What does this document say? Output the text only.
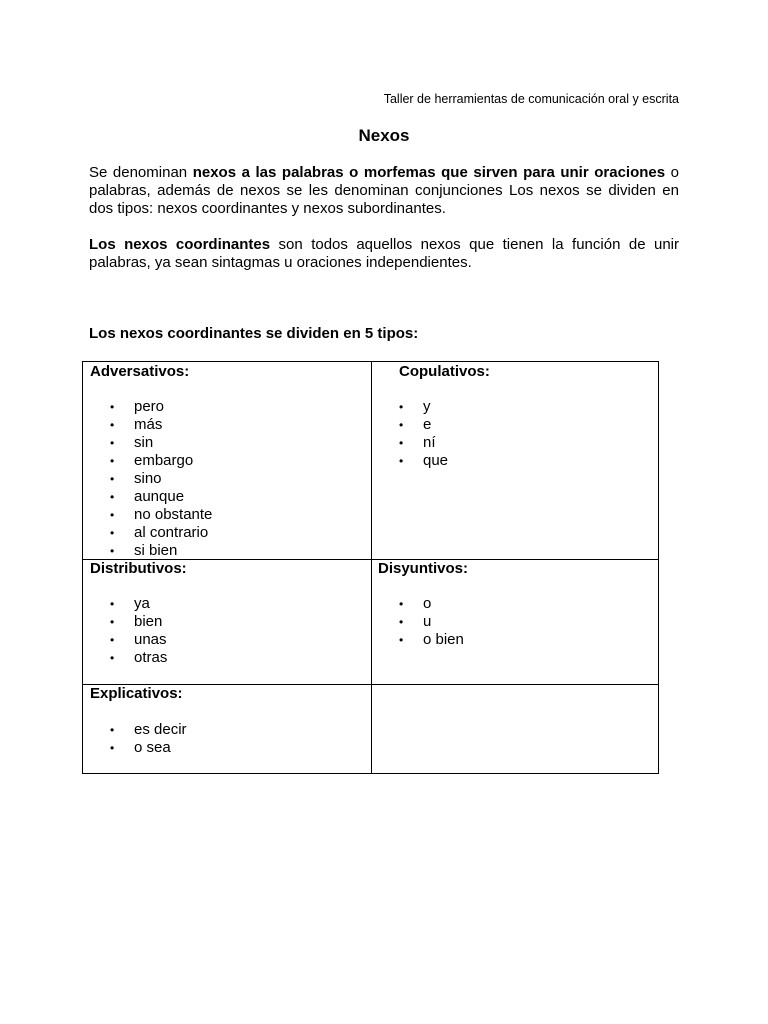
Taller de herramientas de comunicación oral y escrita
Nexos

Se denominan nexos a las palabras o morfemas que sirven para unir oraciones o palabras, además de nexos se les denominan conjunciones Los nexos se dividen en dos tipos: nexos coordinantes y nexos subordinantes.

Los nexos coordinantes son todos aquellos nexos que tienen la función de unir palabras, ya sean sintagmas u oraciones independientes.

Los nexos coordinantes se dividen en 5 tipos:
Adversativos:
• pero
• más
• sin
• embargo
• sino
• aunque
• no obstante
• al contrario
• si bien
Copulativos:
• y
• e
• ní
• que
Distributivos:
• ya
• bien
• unas
• otras
Disyuntivos:
• o
• u
• o bien
Explicativos:
• es decir
• o sea
